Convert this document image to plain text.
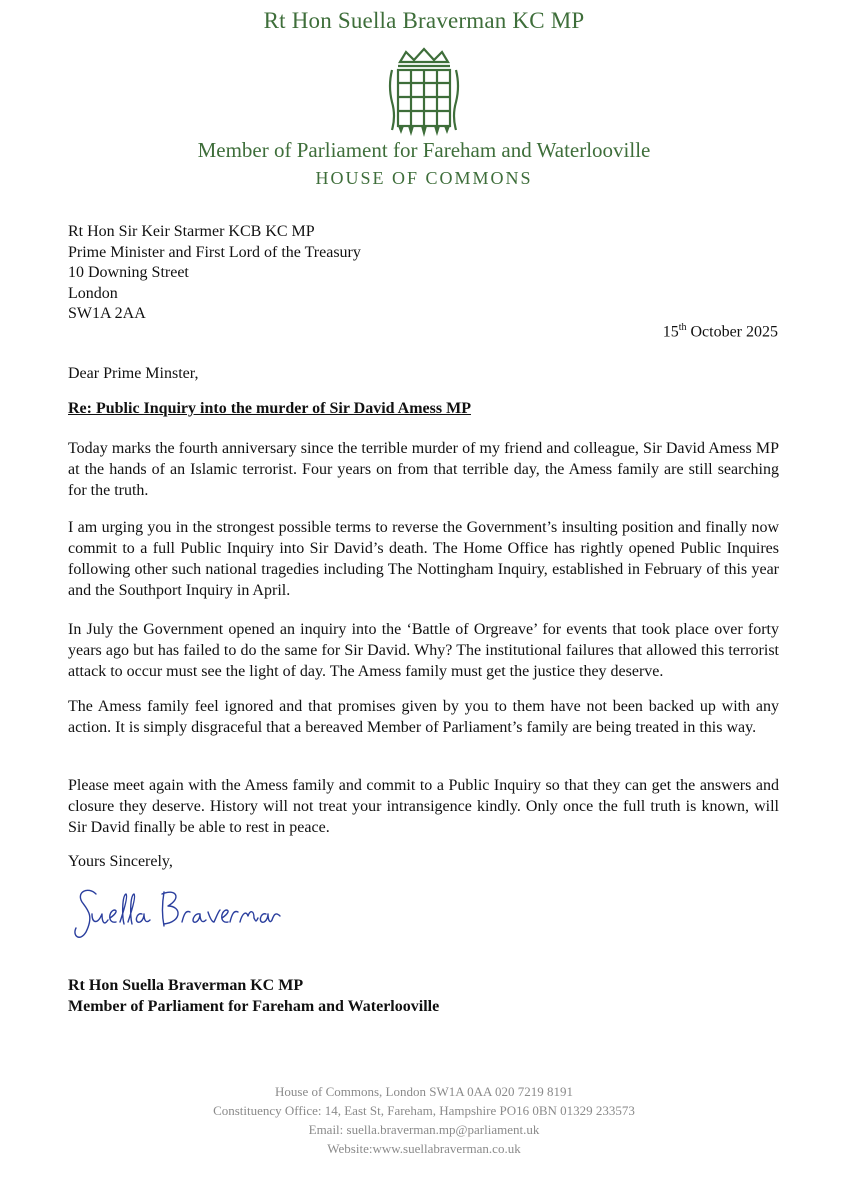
Rt Hon Suella Braverman KC MP
Member of Parliament for Fareham and Waterlooville
HOUSE OF COMMONS
Rt Hon Sir Keir Starmer KCB KC MP
Prime Minister and First Lord of the Treasury
10 Downing Street
London
SW1A 2AA
15th October 2025
Dear Prime Minster,
Re: Public Inquiry into the murder of Sir David Amess MP
Today marks the fourth anniversary since the terrible murder of my friend and colleague, Sir David Amess MP at the hands of an Islamic terrorist. Four years on from that terrible day, the Amess family are still searching for the truth.
I am urging you in the strongest possible terms to reverse the Government’s insulting position and finally now commit to a full Public Inquiry into Sir David’s death. The Home Office has rightly opened Public Inquires following other such national tragedies including The Nottingham Inquiry, established in February of this year and the Southport Inquiry in April.
In July the Government opened an inquiry into the ‘Battle of Orgreave’ for events that took place over forty years ago but has failed to do the same for Sir David. Why? The institutional failures that allowed this terrorist attack to occur must see the light of day. The Amess family must get the justice they deserve.
The Amess family feel ignored and that promises given by you to them have not been backed up with any action. It is simply disgraceful that a bereaved Member of Parliament’s family are being treated in this way.
Please meet again with the Amess family and commit to a Public Inquiry so that they can get the answers and closure they deserve. History will not treat your intransigence kindly. Only once the full truth is known, will Sir David finally be able to rest in peace.
Yours Sincerely,
Rt Hon Suella Braverman KC MP
Member of Parliament for Fareham and Waterlooville
House of Commons, London SW1A 0AA 020 7219 8191
Constituency Office: 14, East St, Fareham, Hampshire PO16 0BN 01329 233573
Email: suella.braverman.mp@parliament.uk
Website:www.suellabraverman.co.uk
